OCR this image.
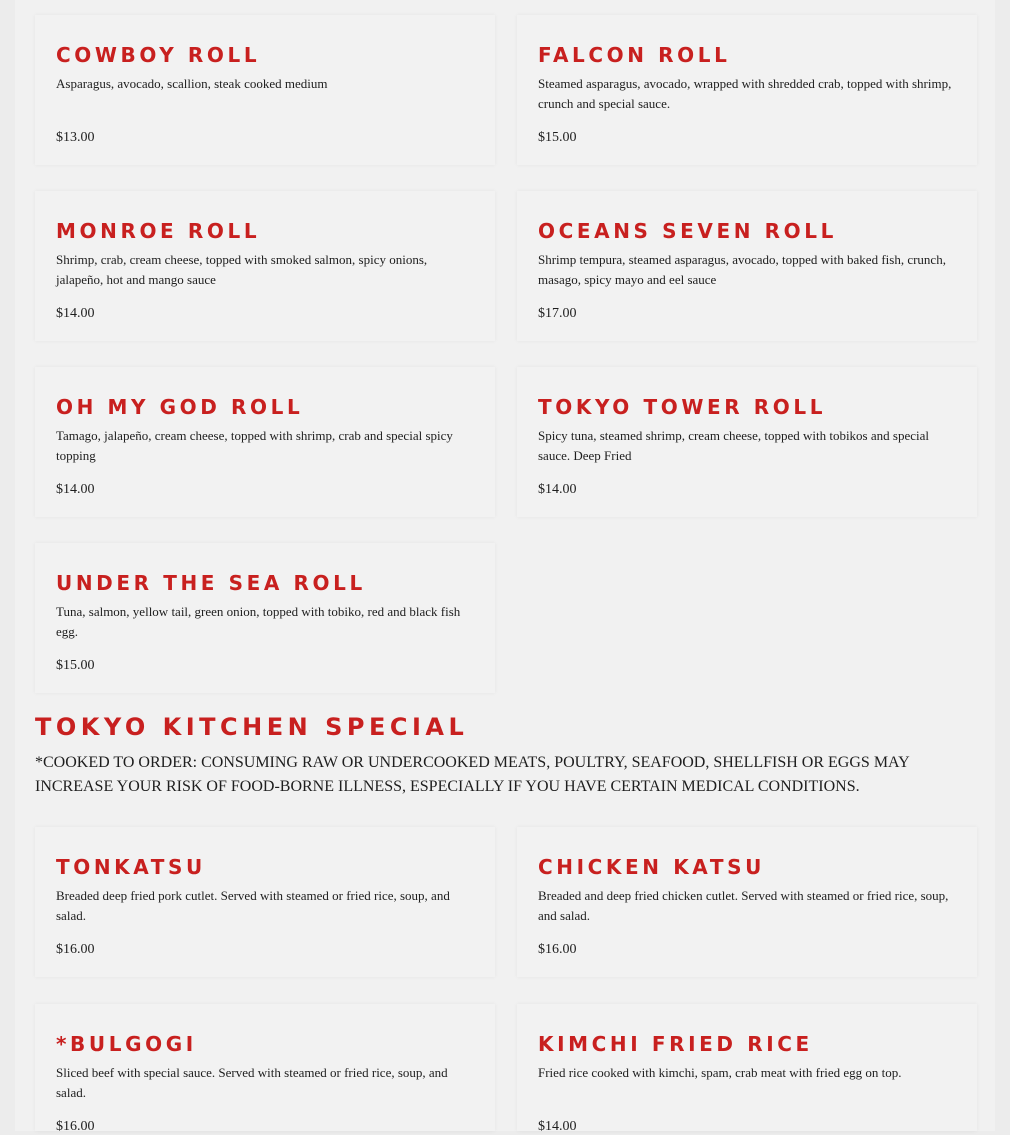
COWBOY ROLL

Asparagus, avocado, scallion, steak cooked medium

$13.00

FALCON ROLL

Steamed asparagus, avocado, wrapped with shredded crab, topped with shrimp, crunch and special sauce.

$15.00

MONROE ROLL

Shrimp, crab, cream cheese, topped with smoked salmon, spicy onions, jalapeño, hot and mango sauce

$14.00

OCEANS SEVEN ROLL

Shrimp tempura, steamed asparagus, avocado, topped with baked fish, crunch, masago, spicy mayo and eel sauce

$17.00

OH MY GOD ROLL

Tamago, jalapeño, cream cheese, topped with shrimp, crab and special spicy topping

$14.00

TOKYO TOWER ROLL

Spicy tuna, steamed shrimp, cream cheese, topped with tobikos and special sauce. Deep Fried

$14.00

UNDER THE SEA ROLL

Tuna, salmon, yellow tail, green onion, topped with tobiko, red and black fish egg.

$15.00

TOKYO KITCHEN SPECIAL

*COOKED TO ORDER: CONSUMING RAW OR UNDERCOOKED MEATS, POULTRY, SEAFOOD, SHELLFISH OR EGGS MAY INCREASE YOUR RISK OF FOOD-BORNE ILLNESS, ESPECIALLY IF YOU HAVE CERTAIN MEDICAL CONDITIONS.

TONKATSU

Breaded deep fried pork cutlet. Served with steamed or fried rice, soup, and salad.

$16.00

CHICKEN KATSU

Breaded and deep fried chicken cutlet. Served with steamed or fried rice, soup, and salad.

$16.00

*BULGOGI

Sliced beef with special sauce. Served with steamed or fried rice, soup, and salad.

$16.00

KIMCHI FRIED RICE

Fried rice cooked with kimchi, spam, crab meat with fried egg on top.

$14.00
